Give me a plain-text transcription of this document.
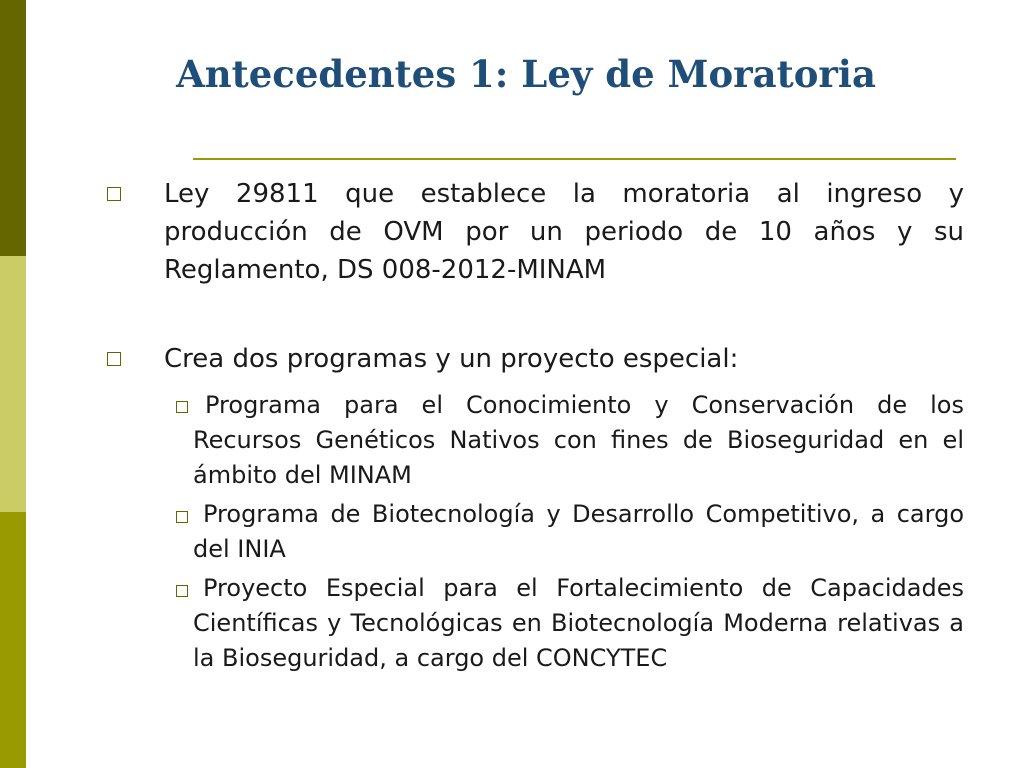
Antecedentes 1: Ley de Moratoria

Ley 29811 que establece la moratoria al ingreso y producción de OVM por un periodo de 10 años y su Reglamento, DS 008-2012-MINAM

Crea dos programas y un proyecto especial:

Programa para el Conocimiento y Conservación de los Recursos Genéticos Nativos con fines de Bioseguridad en el ámbito del MINAM

Programa de Biotecnología y Desarrollo Competitivo, a cargo del INIA

Proyecto Especial para el Fortalecimiento de Capacidades Científicas y Tecnológicas en Biotecnología Moderna relativas a la Bioseguridad, a cargo del CONCYTEC
